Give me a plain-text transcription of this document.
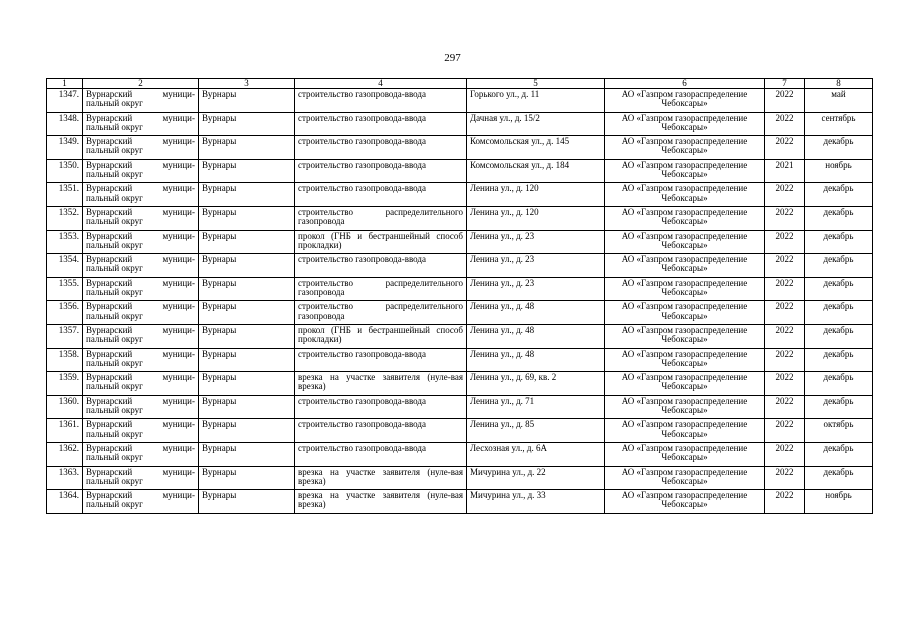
297
1	2	3	4	5	6	7	8
1347.	Вурнарский муници-пальный округ	Вурнары	строительство газопровода-ввода	Горького ул., д. 11	АО «Газпром газораспределение Чебоксары»	2022	май
1348.	Вурнарский муници-пальный округ	Вурнары	строительство газопровода-ввода	Дачная ул., д. 15/2	АО «Газпром газораспределение Чебоксары»	2022	сентябрь
1349.	Вурнарский муници-пальный округ	Вурнары	строительство газопровода-ввода	Комсомольская ул., д. 145	АО «Газпром газораспределение Чебоксары»	2022	декабрь
1350.	Вурнарский муници-пальный округ	Вурнары	строительство газопровода-ввода	Комсомольская ул., д. 184	АО «Газпром газораспределение Чебоксары»	2021	ноябрь
1351.	Вурнарский муници-пальный округ	Вурнары	строительство газопровода-ввода	Ленина ул., д. 120	АО «Газпром газораспределение Чебоксары»	2022	декабрь
1352.	Вурнарский муници-пальный округ	Вурнары	строительство распределительного газопровода	Ленина ул., д. 120	АО «Газпром газораспределение Чебоксары»	2022	декабрь
1353.	Вурнарский муници-пальный округ	Вурнары	прокол (ГНБ и бестраншейный способ прокладки)	Ленина ул., д. 23	АО «Газпром газораспределение Чебоксары»	2022	декабрь
1354.	Вурнарский муници-пальный округ	Вурнары	строительство газопровода-ввода	Ленина ул., д. 23	АО «Газпром газораспределение Чебоксары»	2022	декабрь
1355.	Вурнарский муници-пальный округ	Вурнары	строительство распределительного газопровода	Ленина ул., д. 23	АО «Газпром газораспределение Чебоксары»	2022	декабрь
1356.	Вурнарский муници-пальный округ	Вурнары	строительство распределительного газопровода	Ленина ул., д. 48	АО «Газпром газораспределение Чебоксары»	2022	декабрь
1357.	Вурнарский муници-пальный округ	Вурнары	прокол (ГНБ и бестраншейный способ прокладки)	Ленина ул., д. 48	АО «Газпром газораспределение Чебоксары»	2022	декабрь
1358.	Вурнарский муници-пальный округ	Вурнары	строительство газопровода-ввода	Ленина ул., д. 48	АО «Газпром газораспределение Чебоксары»	2022	декабрь
1359.	Вурнарский муници-пальный округ	Вурнары	врезка на участке заявителя (нуле-вая врезка)	Ленина ул., д. 69, кв. 2	АО «Газпром газораспределение Чебоксары»	2022	декабрь
1360.	Вурнарский муници-пальный округ	Вурнары	строительство газопровода-ввода	Ленина ул., д. 71	АО «Газпром газораспределение Чебоксары»	2022	декабрь
1361.	Вурнарский муници-пальный округ	Вурнары	строительство газопровода-ввода	Ленина ул., д. 85	АО «Газпром газораспределение Чебоксары»	2022	октябрь
1362.	Вурнарский муници-пальный округ	Вурнары	строительство газопровода-ввода	Лесхозная ул., д. 6А	АО «Газпром газораспределение Чебоксары»	2022	декабрь
1363.	Вурнарский муници-пальный округ	Вурнары	врезка на участке заявителя (нуле-вая врезка)	Мичурина ул., д. 22	АО «Газпром газораспределение Чебоксары»	2022	декабрь
1364.	Вурнарский муници-пальный округ	Вурнары	врезка на участке заявителя (нуле-вая врезка)	Мичурина ул., д. 33	АО «Газпром газораспределение Чебоксары»	2022	ноябрь
